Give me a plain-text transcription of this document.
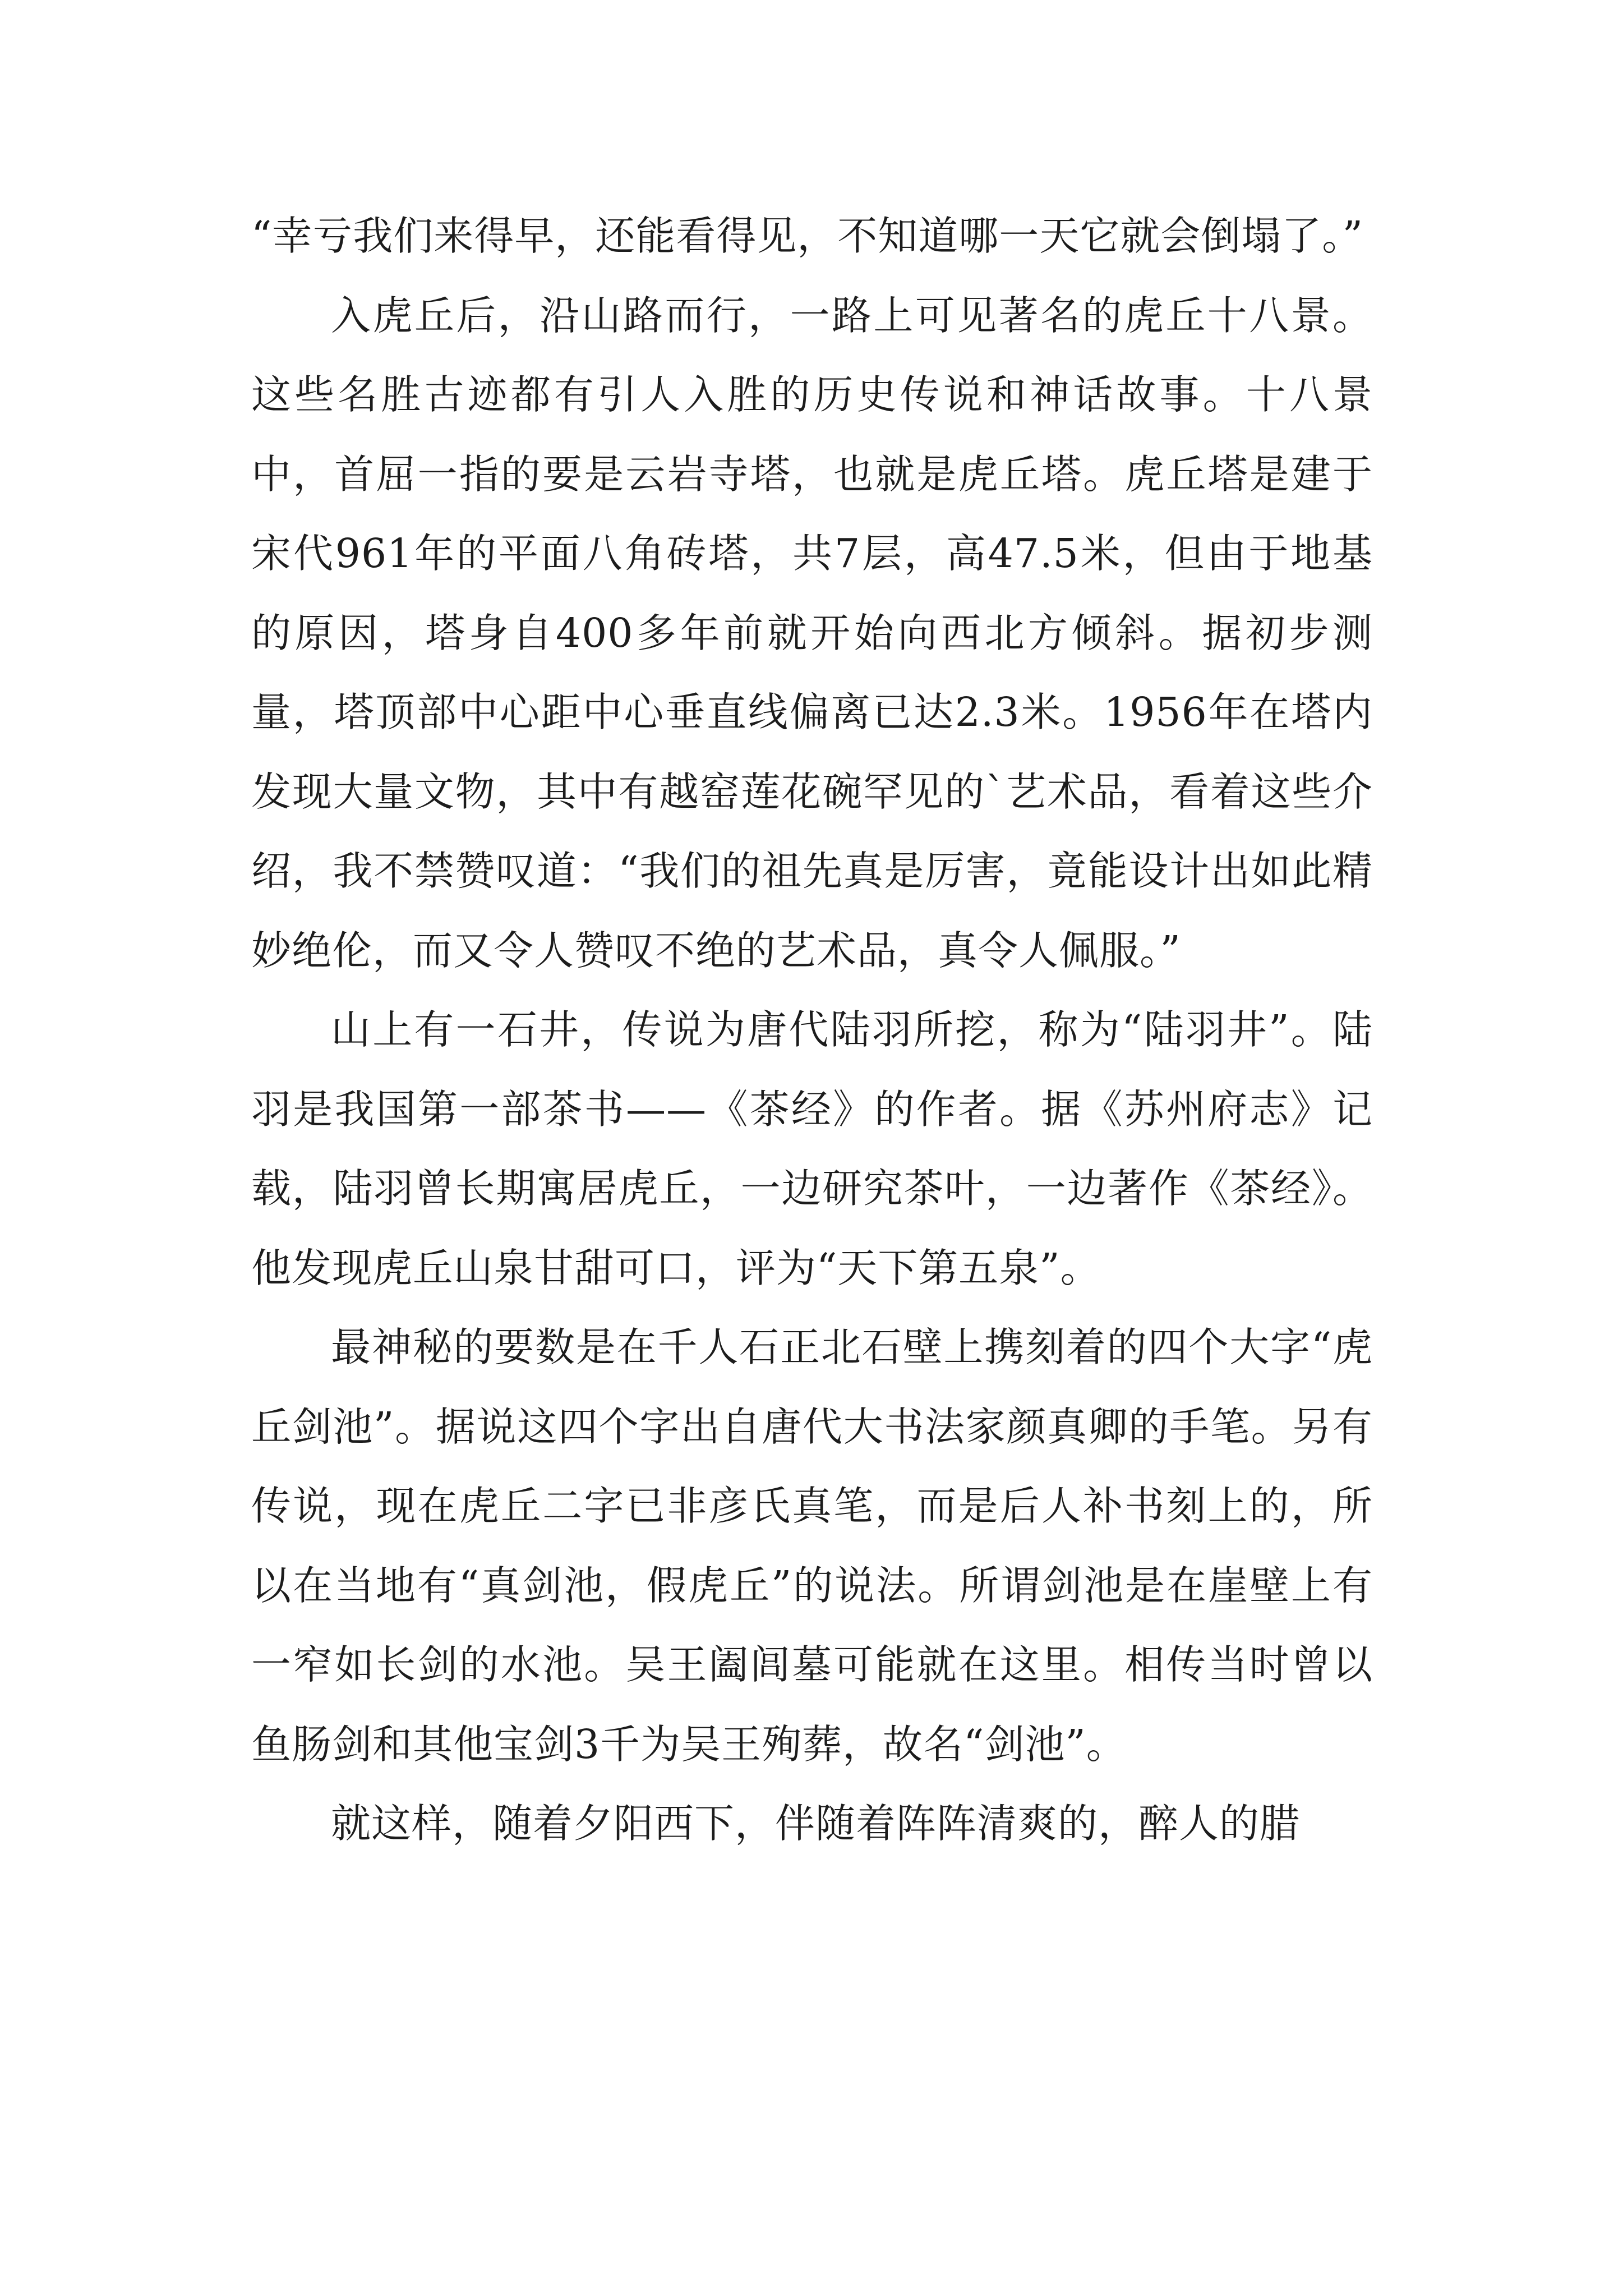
“幸亏我们来得早，还能看得见，不知道哪一天它就会倒塌了。”

入虎丘后，沿山路而行，一路上可见著名的虎丘十八景。这些名胜古迹都有引人入胜的历史传说和神话故事。十八景中，首屈一指的要是云岩寺塔，也就是虎丘塔。虎丘塔是建于宋代961年的平面八角砖塔，共7层，高47.5米，但由于地基的原因，塔身自400多年前就开始向西北方倾斜。据初步测量，塔顶部中心距中心垂直线偏离已达2.3米。1956年在塔内发现大量文物，其中有越窑莲花碗罕见的`艺术品，看着这些介绍，我不禁赞叹道：“我们的祖先真是厉害，竟能设计出如此精妙绝伦，而又令人赞叹不绝的艺术品，真令人佩服。”

山上有一石井，传说为唐代陆羽所挖，称为“陆羽井”。陆羽是我国第一部茶书——《茶经》的作者。据《苏州府志》记载，陆羽曾长期寓居虎丘，一边研究茶叶，一边著作《茶经》。他发现虎丘山泉甘甜可口，评为“天下第五泉”。

最神秘的要数是在千人石正北石壁上携刻着的四个大字“虎丘剑池”。据说这四个字出自唐代大书法家颜真卿的手笔。另有传说，现在虎丘二字已非彦氏真笔，而是后人补书刻上的，所以在当地有“真剑池，假虎丘”的说法。所谓剑池是在崖壁上有一窄如长剑的水池。吴王阖闾墓可能就在这里。相传当时曾以鱼肠剑和其他宝剑3千为吴王殉葬，故名“剑池”。

就这样，随着夕阳西下，伴随着阵阵清爽的，醉人的腊
